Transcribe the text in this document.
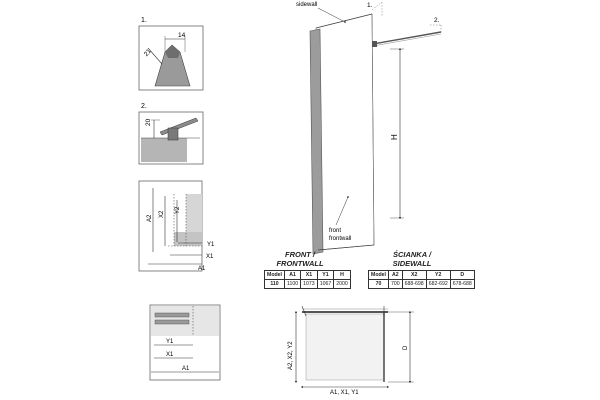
1.
14
21
2.
20
A2
X2
Y2
Y1
X1
A1
Y1
X1
A1
1.
2.
H
sidewall
front
frontwall
A2, X2, Y2	D
A1, X1, Y1
FRONT /
FRONTWALL
Model	A1	X1	Y1	H
110	1100	1073	1067	2000
ŚCIANKA /
SIDEWALL
Model	A2	X2	Y2	D
70	700	688-698	682-692	678-688
